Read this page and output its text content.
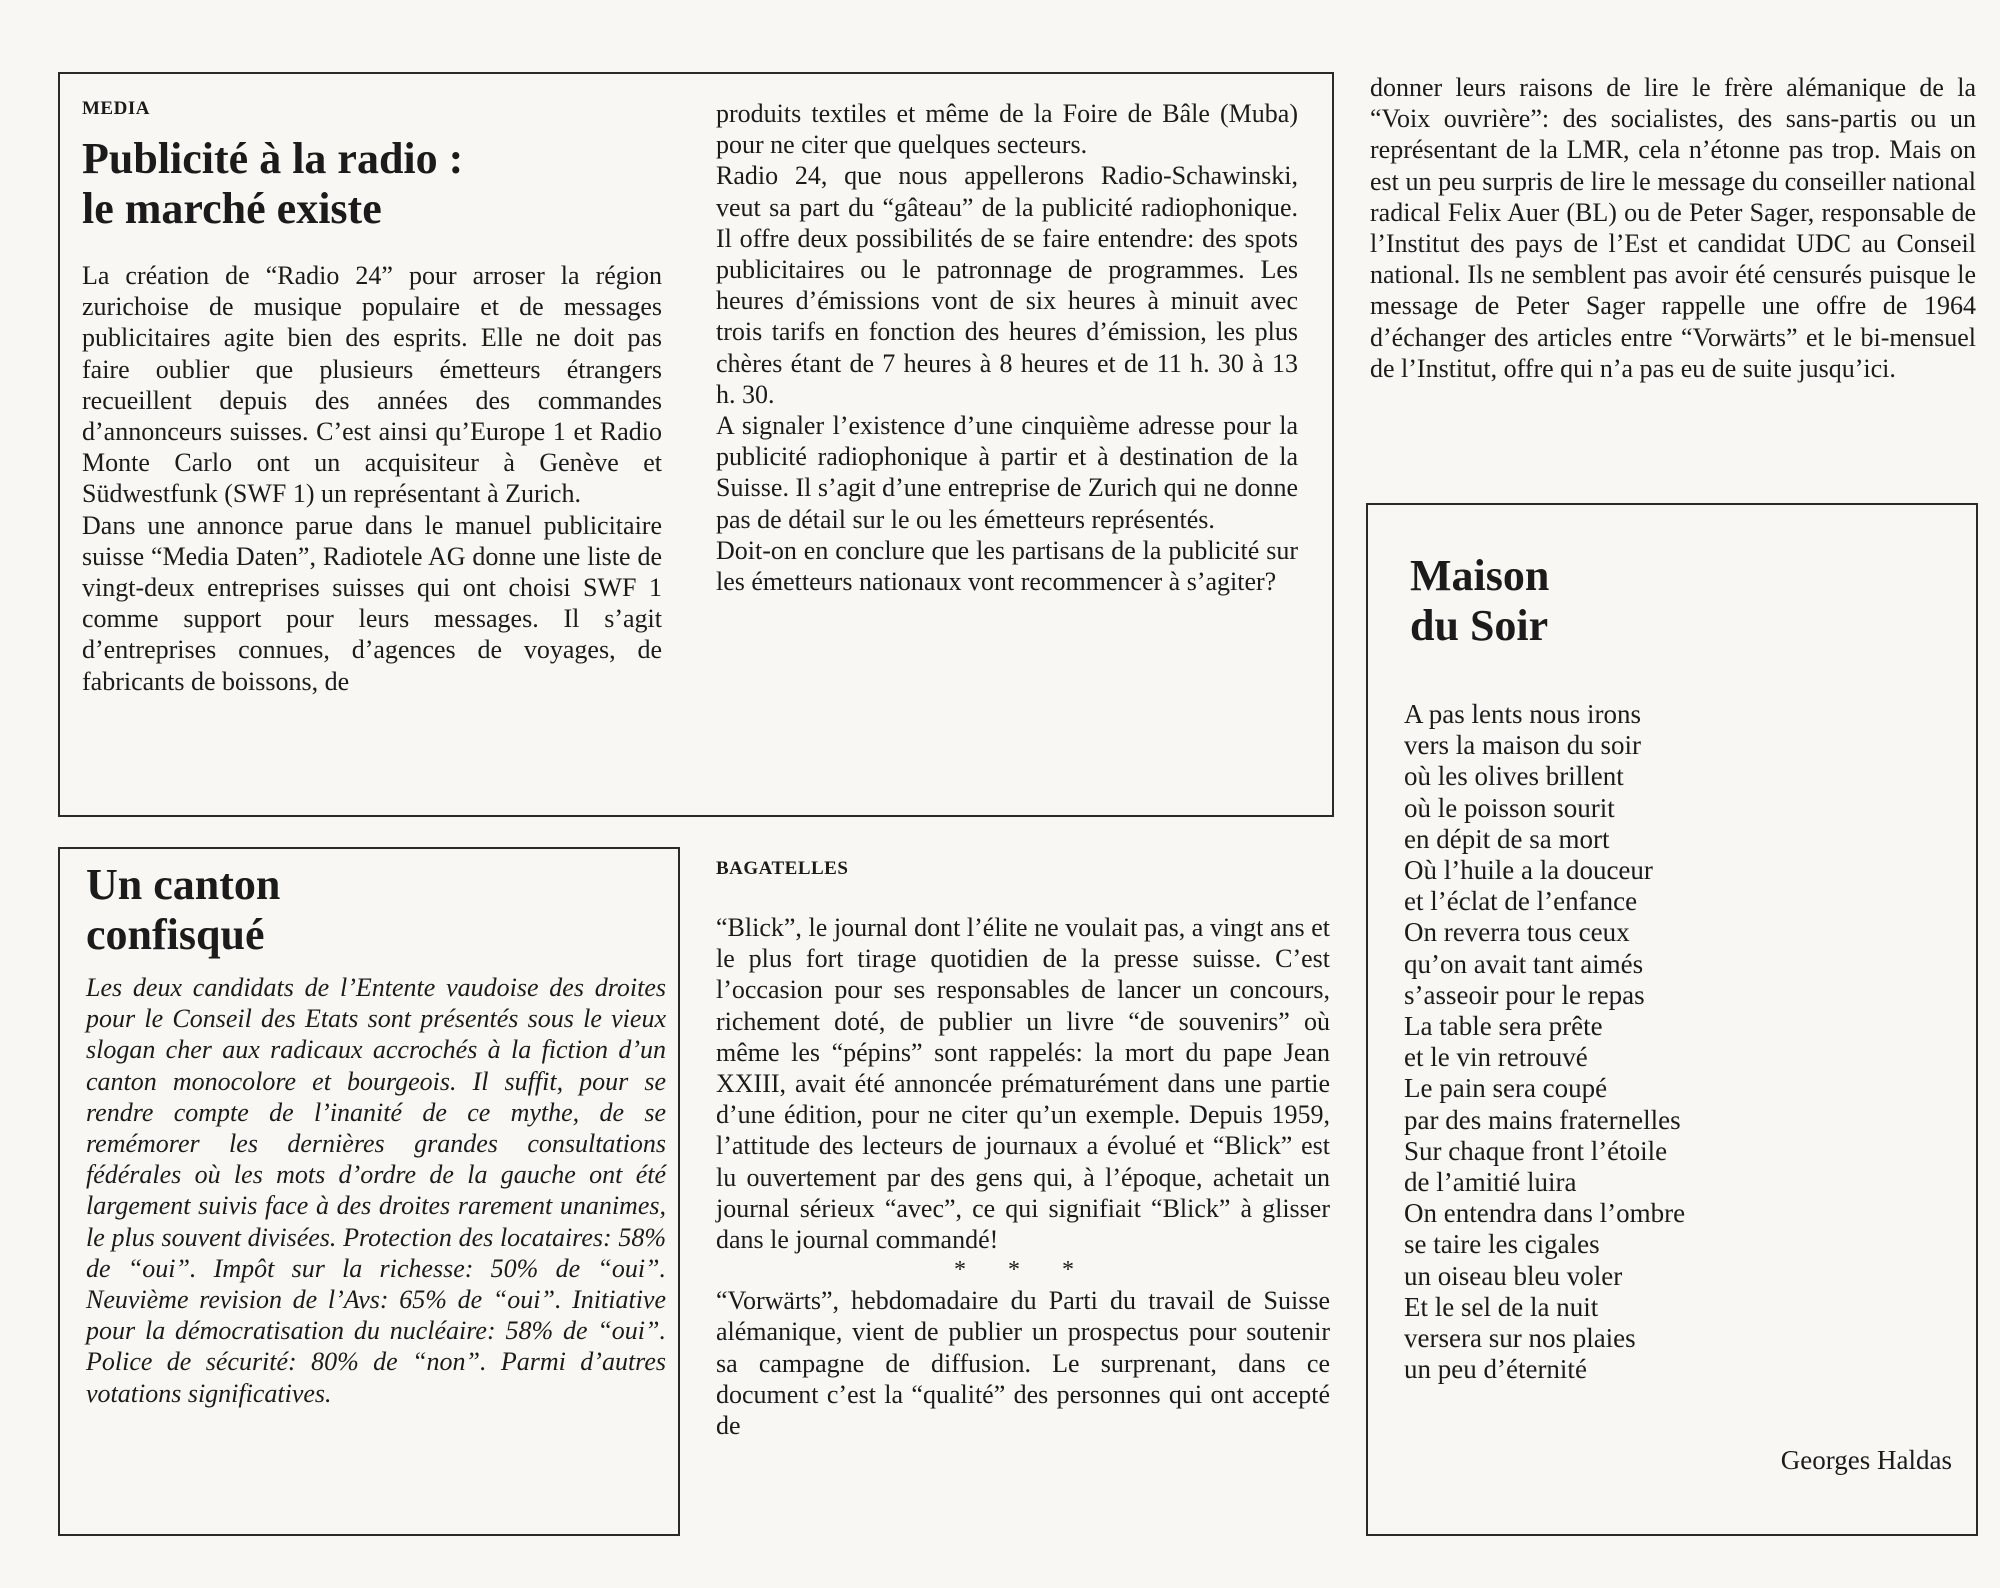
MEDIA

Publicité à la radio :
le marché existe

La création de “Radio 24” pour arroser la région zurichoise de musique populaire et de messages publicitaires agite bien des esprits. Elle ne doit pas faire oublier que plusieurs émetteurs étrangers recueillent depuis des années des commandes d’annonceurs suisses. C’est ainsi qu’Europe 1 et Radio Monte Carlo ont un acquisiteur à Genève et Südwestfunk (SWF 1) un représentant à Zurich.

Dans une annonce parue dans le manuel publicitaire suisse “Media Daten”, Radiotele AG donne une liste de vingt-deux entreprises suisses qui ont choisi SWF 1 comme support pour leurs messages. Il s’agit d’entreprises connues, d’agences de voyages, de fabricants de boissons, de

produits textiles et même de la Foire de Bâle (Muba) pour ne citer que quelques secteurs.

Radio 24, que nous appellerons Radio-Schawinski, veut sa part du “gâteau” de la publicité radiophonique. Il offre deux possibilités de se faire entendre: des spots publicitaires ou le patronnage de programmes. Les heures d’émissions vont de six heures à minuit avec trois tarifs en fonction des heures d’émission, les plus chères étant de 7 heures à 8 heures et de 11 h. 30 à 13 h. 30.

A signaler l’existence d’une cinquième adresse pour la publicité radiophonique à partir et à destination de la Suisse. Il s’agit d’une entreprise de Zurich qui ne donne pas de détail sur le ou les émetteurs représentés.

Doit-on en conclure que les partisans de la publicité sur les émetteurs nationaux vont recommencer à s’agiter?

Un canton
confisqué

Les deux candidats de l’Entente vaudoise des droites pour le Conseil des Etats sont présentés sous le vieux slogan cher aux radicaux accrochés à la fiction d’un canton monocolore et bourgeois. Il suffit, pour se rendre compte de l’inanité de ce mythe, de se remémorer les dernières grandes consultations fédérales où les mots d’ordre de la gauche ont été largement suivis face à des droites rarement unanimes, le plus souvent divisées. Protection des locataires: 58% de “oui”. Impôt sur la richesse: 50% de “oui”. Neuvième revision de l’Avs: 65% de “oui”. Initiative pour la démocratisation du nucléaire: 58% de “oui”. Police de sécurité: 80% de “non”. Parmi d’autres votations significatives.

BAGATELLES

“Blick”, le journal dont l’élite ne voulait pas, a vingt ans et le plus fort tirage quotidien de la presse suisse. C’est l’occasion pour ses responsables de lancer un concours, richement doté, de publier un livre “de souvenirs” où même les “pépins” sont rappelés: la mort du pape Jean XXIII, avait été annoncée prématurément dans une partie d’une édition, pour ne citer qu’un exemple. Depuis 1959, l’attitude des lecteurs de journaux a évolué et “Blick” est lu ouvertement par des gens qui, à l’époque, achetait un journal sérieux “avec”, ce qui signifiait “Blick” à glisser dans le journal commandé!

* * *

“Vorwärts”, hebdomadaire du Parti du travail de Suisse alémanique, vient de publier un prospectus pour soutenir sa campagne de diffusion. Le surprenant, dans ce document c’est la “qualité” des personnes qui ont accepté de

donner leurs raisons de lire le frère alémanique de la “Voix ouvrière”: des socialistes, des sans-partis ou un représentant de la LMR, cela n’étonne pas trop. Mais on est un peu surpris de lire le message du conseiller national radical Felix Auer (BL) ou de Peter Sager, responsable de l’Institut des pays de l’Est et candidat UDC au Conseil national. Ils ne semblent pas avoir été censurés puisque le message de Peter Sager rappelle une offre de 1964 d’échanger des articles entre “Vorwärts” et le bi-mensuel de l’Institut, offre qui n’a pas eu de suite jusqu’ici.

Maison
du Soir
A pas lents nous irons
vers la maison du soir
où les olives brillent
où le poisson sourit
en dépit de sa mort
Où l’huile a la douceur
et l’éclat de l’enfance
On reverra tous ceux
qu’on avait tant aimés
s’asseoir pour le repas
La table sera prête
et le vin retrouvé
Le pain sera coupé
par des mains fraternelles
Sur chaque front l’étoile
de l’amitié luira
On entendra dans l’ombre
se taire les cigales
un oiseau bleu voler
Et le sel de la nuit
versera sur nos plaies
un peu d’éternité
Georges Haldas
